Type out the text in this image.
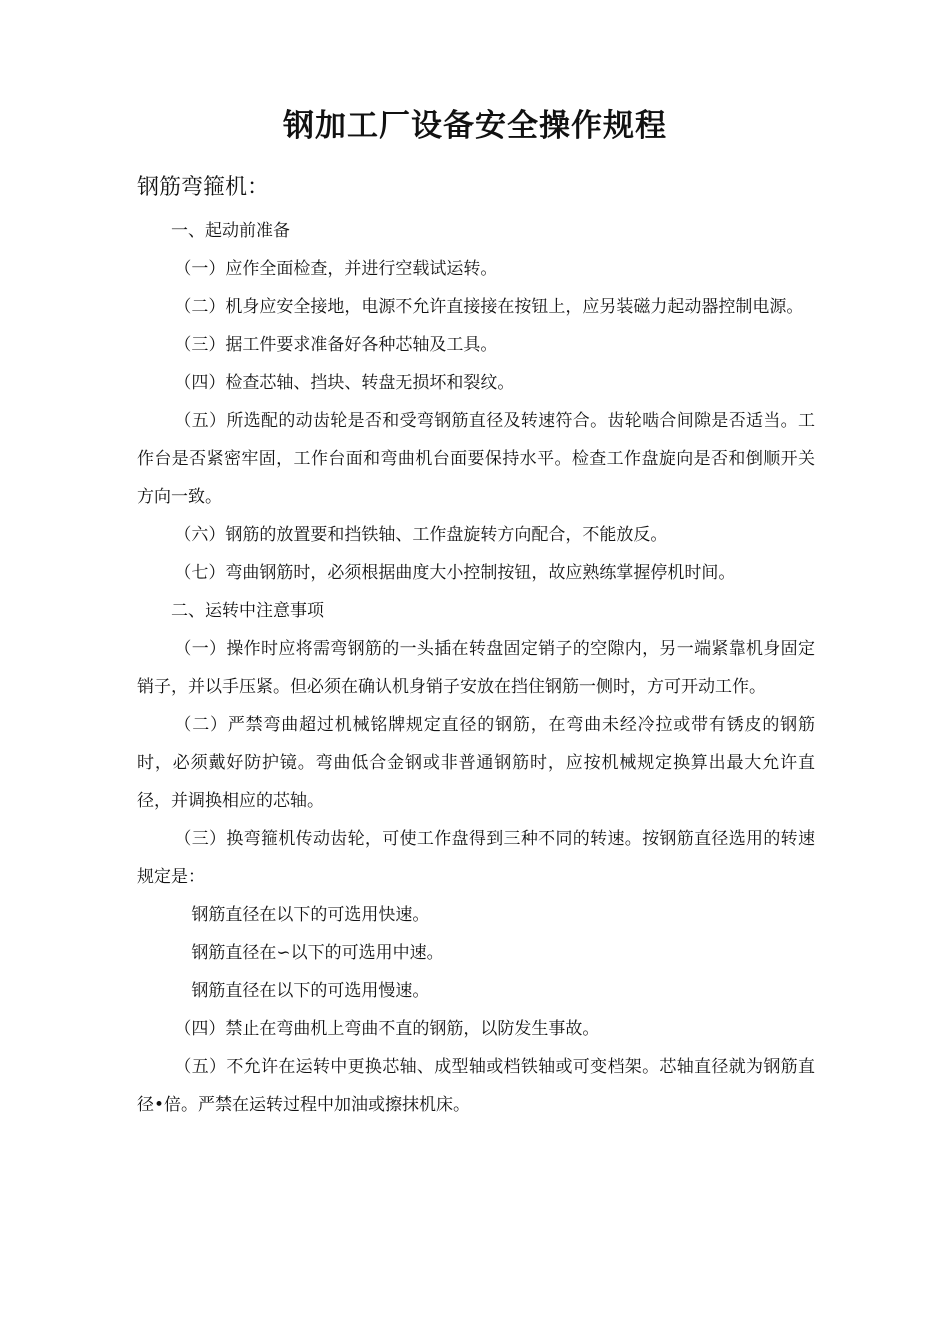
钢加工厂设备安全操作规程
钢筋弯箍机：

一、起动前准备

（一）应作全面检查，并进行空载试运转。

（二）机身应安全接地，电源不允许直接接在按钮上，应另装磁力起动器控制电源。

（三）据工件要求准备好各种芯轴及工具。

（四）检查芯轴、挡块、转盘无损坏和裂纹。

（五）所选配的动齿轮是否和受弯钢筋直径及转速符合。齿轮啮合间隙是否适当。工作台是否紧密牢固，工作台面和弯曲机台面要保持水平。检查工作盘旋向是否和倒顺开关方向一致。

（六）钢筋的放置要和挡铁轴、工作盘旋转方向配合，不能放反。

（七）弯曲钢筋时，必须根据曲度大小控制按钮，故应熟练掌握停机时间。

二、运转中注意事项

（一）操作时应将需弯钢筋的一头插在转盘固定销子的空隙内，另一端紧靠机身固定销子，并以手压紧。但必须在确认机身销子安放在挡住钢筋一侧时，方可开动工作。

（二）严禁弯曲超过机械铭牌规定直径的钢筋，在弯曲未经冷拉或带有锈皮的钢筋时，必须戴好防护镜。弯曲低合金钢或非普通钢筋时，应按机械规定换算出最大允许直径，并调换相应的芯轴。

（三）换弯箍机传动齿轮，可使工作盘得到三种不同的转速。按钢筋直径选用的转速规定是：

钢筋直径在以下的可选用快速。

钢筋直径在∽以下的可选用中速。

钢筋直径在以下的可选用慢速。

（四）禁止在弯曲机上弯曲不直的钢筋，以防发生事故。

（五）不允许在运转中更换芯轴、成型轴或档铁轴或可变档架。芯轴直径就为钢筋直径•倍。严禁在运转过程中加油或擦抹机床。
